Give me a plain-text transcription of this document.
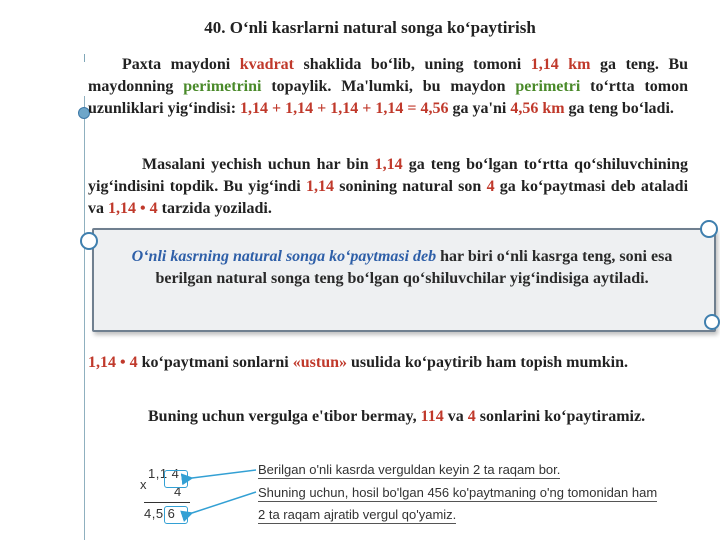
40. O‘nli kasrlarni natural songa ko‘paytirish
Paxta maydoni kvadrat shaklida bo‘lib, uning tomoni 1,14 km ga teng. Bu maydonning perimetrini topaylik. Ma'lumki, bu maydon perimetri to‘rtta tomon uzunliklari yig‘indisi: 1,14 + 1,14 + 1,14 + 1,14 = 4,56 ga ya'ni 4,56 km ga teng bo‘ladi.
Masalani yechish uchun har bin 1,14 ga teng bo‘lgan to‘rtta qo‘shiluvchining yig‘indisini topdik. Bu yig‘indi 1,14 sonining natural son 4 ga ko‘paytmasi deb ataladi va 1,14 • 4 tarzida yoziladi.
O‘nli kasrning natural songa ko‘paytmasi deb har biri o‘nli kasrga teng, soni esa berilgan natural songa teng bo‘lgan qo‘shiluvchilar yig‘indisiga aytiladi.
1,14 • 4 ko‘paytmani sonlarni «ustun» usulida ko‘paytirib ham topish mumkin.
Buning uchun vergulga e'tibor bermay, 114 va 4 sonlarini ko‘paytiramiz.
x
1,1 4
4
4,5 6
Berilgan o'nli kasrda verguldan keyin 2 ta raqam bor.
Shuning uchun, hosil bo'lgan 456 ko'paytmaning o'ng tomonidan ham
2 ta raqam ajratib vergul qo'yamiz.
